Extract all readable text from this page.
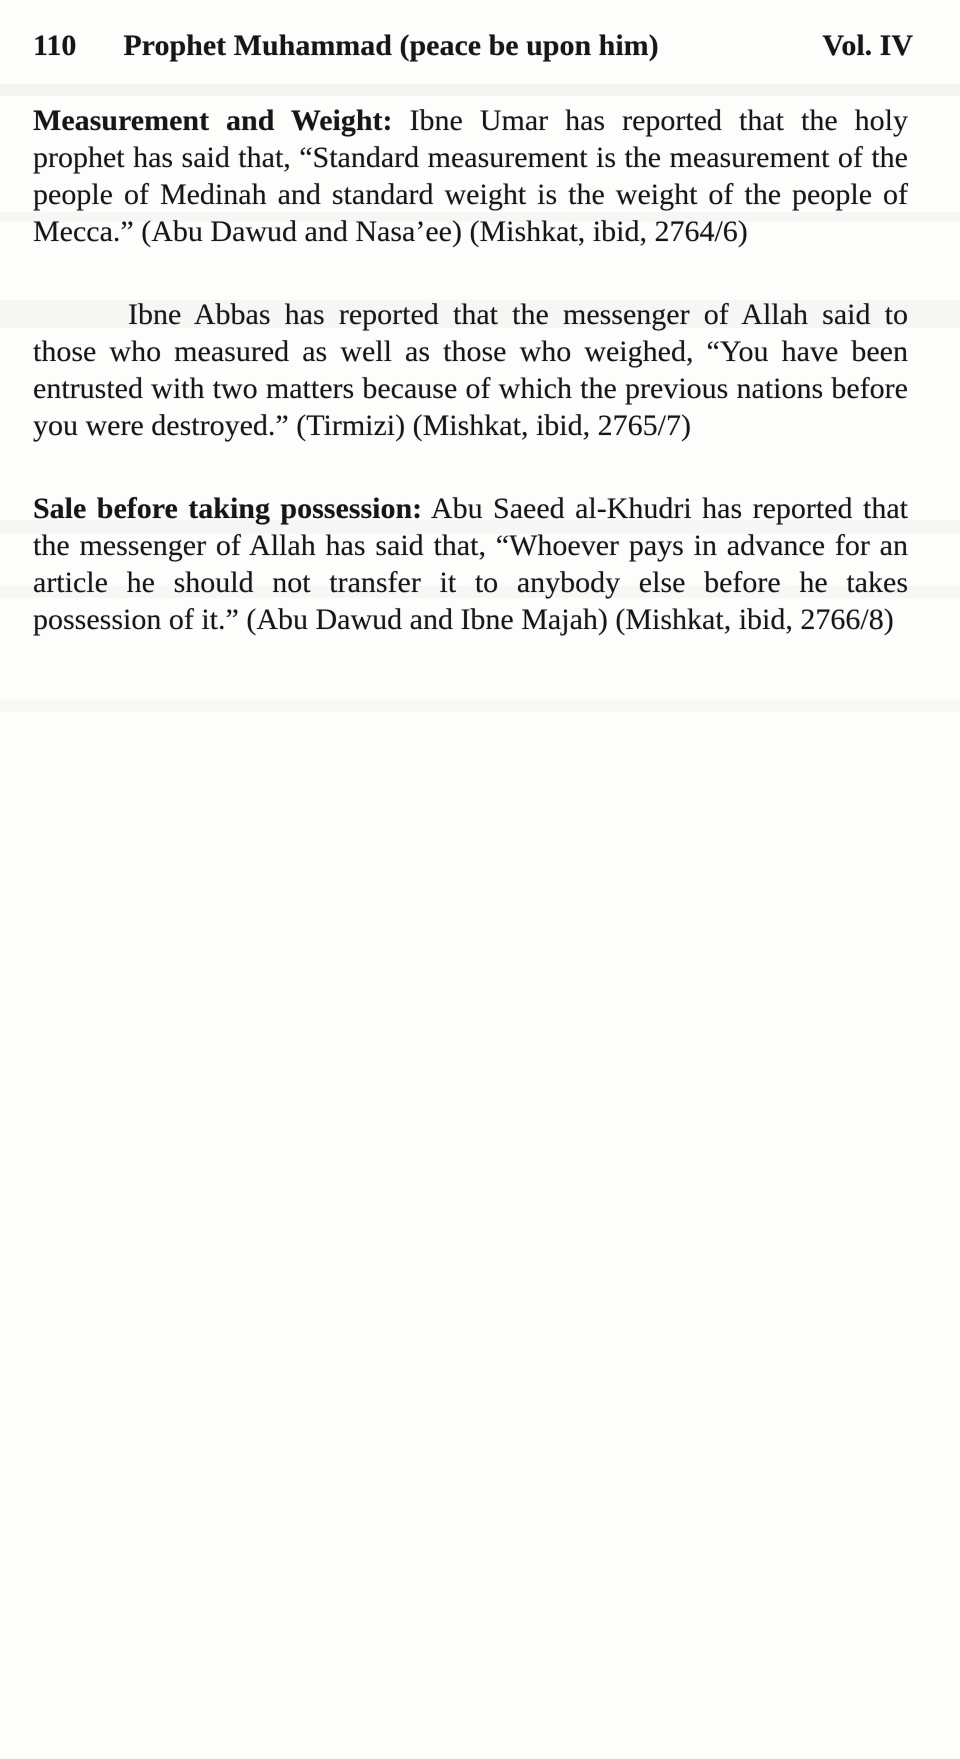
110 Prophet Muhammad (peace be upon him)	Vol. IV

Measurement and Weight: Ibne Umar has reported that the holy prophet has said that, “Standard measurement is the measurement of the people of Medinah and standard weight is the weight of the people of Mecca.” (Abu Dawud and Nasa’ee) (Mishkat, ibid, 2764/6)

Ibne Abbas has reported that the messenger of Allah said to those who measured as well as those who weighed, “You have been entrusted with two matters because of which the previous nations before you were destroyed.” (Tirmizi) (Mishkat, ibid, 2765/7)

Sale before taking possession: Abu Saeed al-Khudri has reported that the messenger of Allah has said that, “Whoever pays in advance for an article he should not transfer it to anybody else before he takes possession of it.” (Abu Dawud and Ibne Majah) (Mishkat, ibid, 2766/8)
